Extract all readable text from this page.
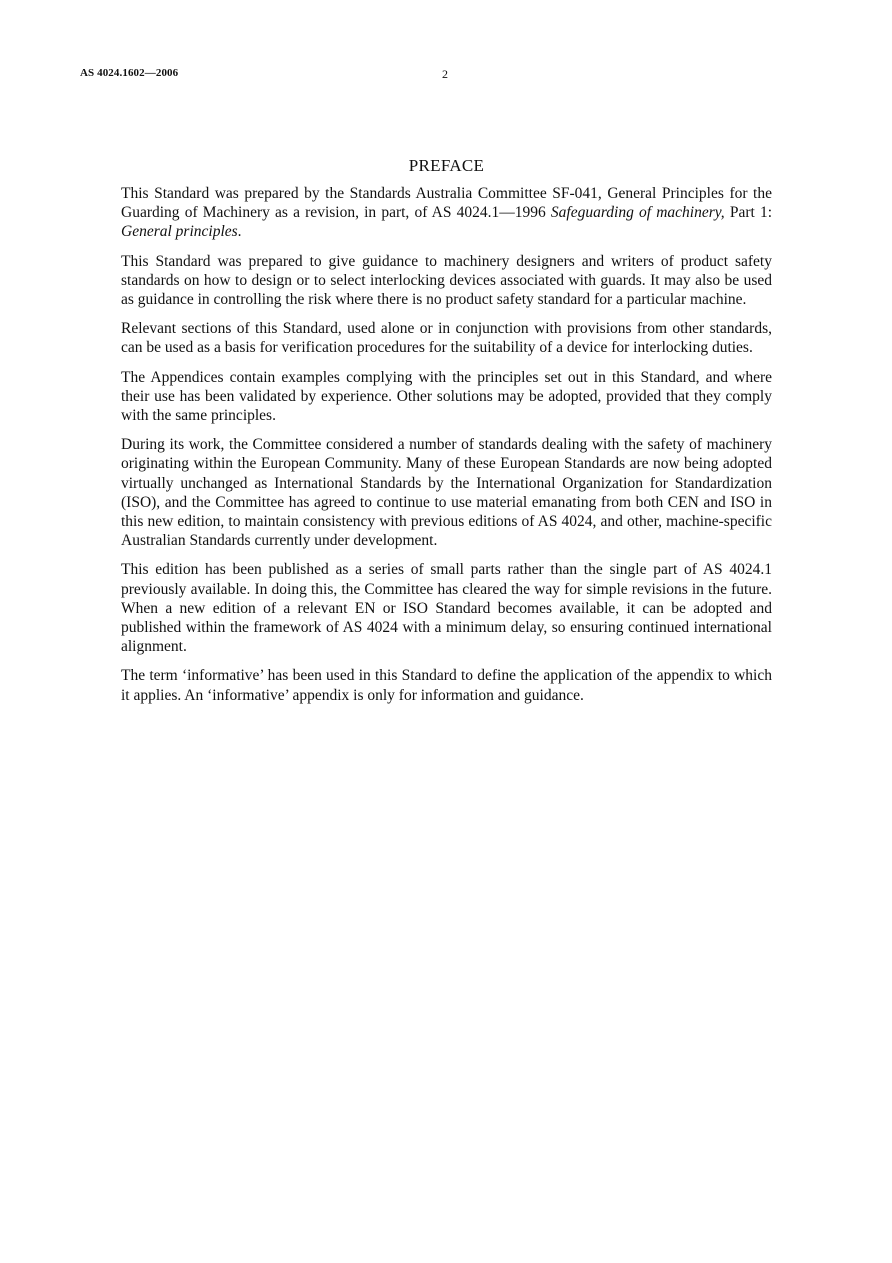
AS 4024.1602—2006	2
PREFACE

This Standard was prepared by the Standards Australia Committee SF-041, General Principles for the Guarding of Machinery as a revision, in part, of AS 4024.1—1996 Safeguarding of machinery, Part 1: General principles.

This Standard was prepared to give guidance to machinery designers and writers of product safety standards on how to design or to select interlocking devices associated with guards. It may also be used as guidance in controlling the risk where there is no product safety standard for a particular machine.

Relevant sections of this Standard, used alone or in conjunction with provisions from other standards, can be used as a basis for verification procedures for the suitability of a device for interlocking duties.

The Appendices contain examples complying with the principles set out in this Standard, and where their use has been validated by experience. Other solutions may be adopted, provided that they comply with the same principles.

During its work, the Committee considered a number of standards dealing with the safety of machinery originating within the European Community. Many of these European Standards are now being adopted virtually unchanged as International Standards by the International Organization for Standardization (ISO), and the Committee has agreed to continue to use material emanating from both CEN and ISO in this new edition, to maintain consistency with previous editions of AS 4024, and other, machine-specific Australian Standards currently under development.

This edition has been published as a series of small parts rather than the single part of AS 4024.1 previously available. In doing this, the Committee has cleared the way for simple revisions in the future. When a new edition of a relevant EN or ISO Standard becomes available, it can be adopted and published within the framework of AS 4024 with a minimum delay, so ensuring continued international alignment.

The term ‘informative’ has been used in this Standard to define the application of the appendix to which it applies. An ‘informative’ appendix is only for information and guidance.
